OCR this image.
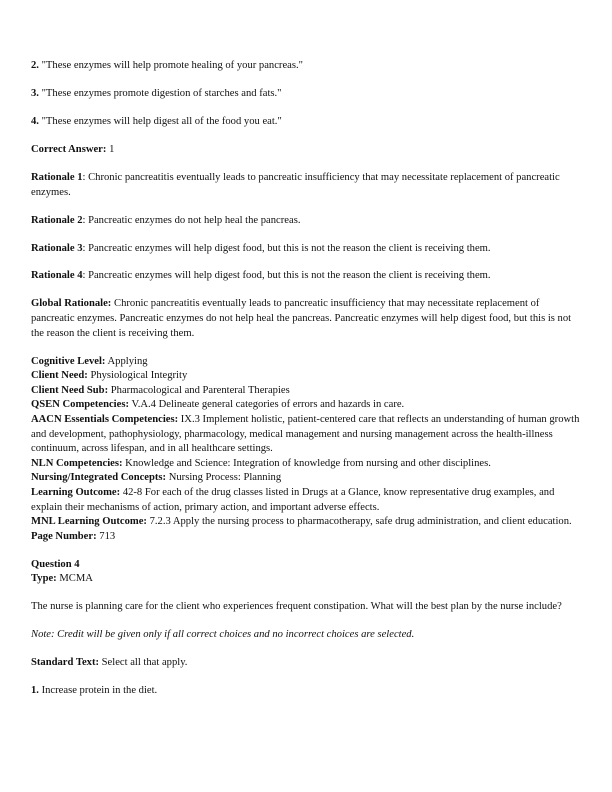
2. "These enzymes will help promote healing of your pancreas."

3. "These enzymes promote digestion of starches and fats."

4. "These enzymes will help digest all of the food you eat."

Correct Answer: 1

Rationale 1: Chronic pancreatitis eventually leads to pancreatic insufficiency that may necessitate replacement of pancreatic enzymes.

Rationale 2: Pancreatic enzymes do not help heal the pancreas.

Rationale 3: Pancreatic enzymes will help digest food, but this is not the reason the client is receiving them.

Rationale 4: Pancreatic enzymes will help digest food, but this is not the reason the client is receiving them.

Global Rationale: Chronic pancreatitis eventually leads to pancreatic insufficiency that may necessitate replacement of pancreatic enzymes. Pancreatic enzymes do not help heal the pancreas. Pancreatic enzymes will help digest food, but this is not the reason the client is receiving them.

Cognitive Level: Applying

Client Need: Physiological Integrity

Client Need Sub: Pharmacological and Parenteral Therapies

QSEN Competencies: V.A.4 Delineate general categories of errors and hazards in care.

AACN Essentials Competencies: IX.3 Implement holistic, patient-centered care that reflects an understanding of human growth and development, pathophysiology, pharmacology, medical management and nursing management across the health-illness continuum, across lifespan, and in all healthcare settings.

NLN Competencies: Knowledge and Science: Integration of knowledge from nursing and other disciplines.

Nursing/Integrated Concepts: Nursing Process: Planning

Learning Outcome: 42-8 For each of the drug classes listed in Drugs at a Glance, know representative drug examples, and explain their mechanisms of action, primary action, and important adverse effects.

MNL Learning Outcome: 7.2.3 Apply the nursing process to pharmacotherapy, safe drug administration, and client education.

Page Number: 713

Question 4

Type: MCMA

The nurse is planning care for the client who experiences frequent constipation. What will the best plan by the nurse include?

Note: Credit will be given only if all correct choices and no incorrect choices are selected.

Standard Text: Select all that apply.

1. Increase protein in the diet.
